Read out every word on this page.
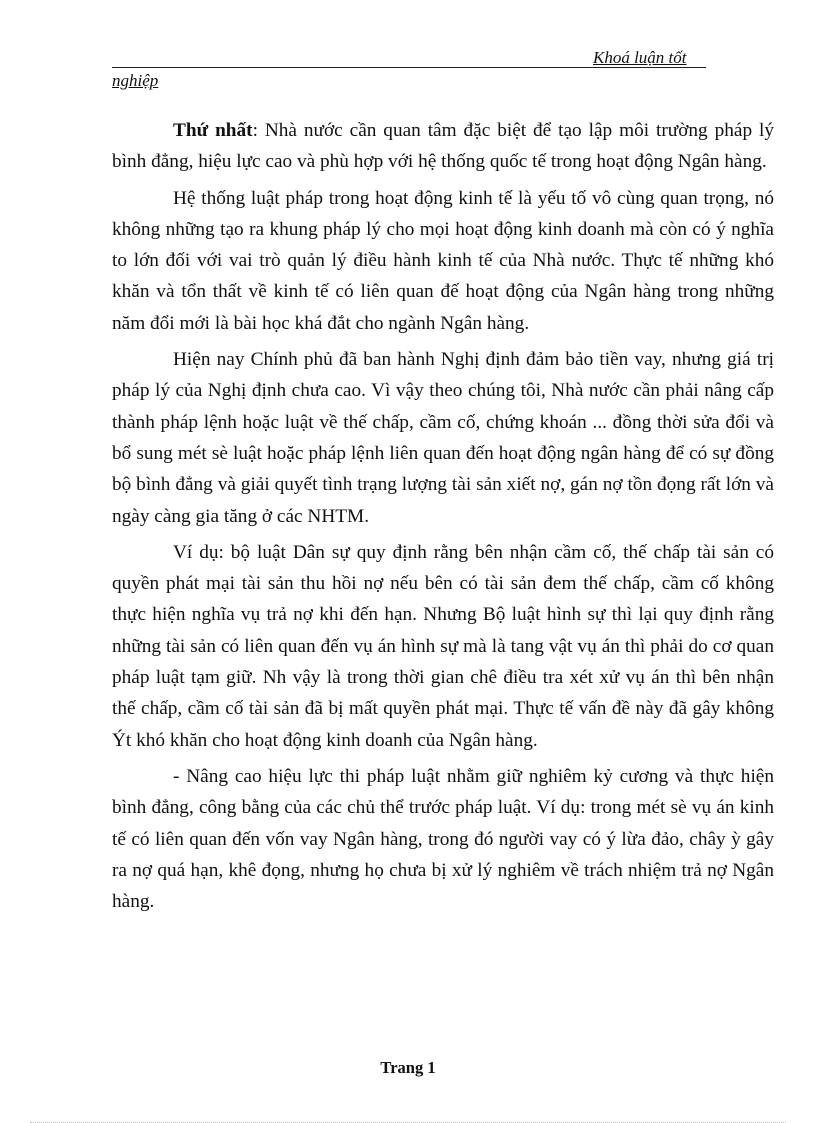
Khoá luận tốt
nghiệp

Thứ nhất: Nhà nước cần quan tâm đặc biệt để tạo lập môi trường pháp lý bình đẳng, hiệu lực cao và phù hợp với hệ thống quốc tế trong hoạt động Ngân hàng.

Hệ thống luật pháp trong hoạt động kinh tế là yếu tố vô cùng quan trọng, nó không những tạo ra khung pháp lý cho mọi hoạt động kinh doanh mà còn có ý nghĩa to lớn đối với vai trò quản lý điều hành kinh tế của Nhà nước. Thực tế những khó khăn và tổn thất về kinh tế có liên quan đế hoạt động của Ngân hàng trong những năm đổi mới là bài học khá đắt cho ngành Ngân hàng.

Hiện nay Chính phủ đã ban hành Nghị định đảm bảo tiền vay, nhưng giá trị pháp lý của Nghị định chưa cao. Vì vậy theo chúng tôi, Nhà nước cần phải nâng cấp thành pháp lệnh hoặc luật về thế chấp, cầm cố, chứng khoán ... đồng thời sửa đổi và bổ sung mét sè luật hoặc pháp lệnh liên quan đến hoạt động ngân hàng để có sự đồng bộ bình đẳng và giải quyết tình trạng lượng tài sản xiết nợ, gán nợ tồn đọng rất lớn và ngày càng gia tăng ở các NHTM.

Ví dụ: bộ luật Dân sự quy định rằng bên nhận cầm cố, thế chấp tài sản có quyền phát mại tài sản thu hồi nợ nếu bên có tài sản đem thế chấp, cầm cố không thực hiện nghĩa vụ trả nợ khi đến hạn. Nhưng Bộ luật hình sự thì lại quy định rằng những tài sản có liên quan đến vụ án hình sự mà là tang vật vụ án thì phải do cơ quan pháp luật tạm giữ. Nh vậy là trong thời gian chê điều tra xét xử vụ án thì bên nhận thế chấp, cầm cố tài sản đã bị mất quyền phát mại. Thực tế vấn đề này đã gây không Ýt khó khăn cho hoạt động kinh doanh của Ngân hàng.

- Nâng cao hiệu lực thi pháp luật nhằm giữ nghiêm kỷ cương và thực hiện bình đẳng, công bằng của các chủ thể trước pháp luật. Ví dụ: trong mét sè vụ án kinh tế có liên quan đến vốn vay Ngân hàng, trong đó người vay có ý lừa đảo, chây ỳ gây ra nợ quá hạn, khê đọng, nhưng họ chưa bị xử lý nghiêm về trách nhiệm trả nợ Ngân hàng.

Trang 1
